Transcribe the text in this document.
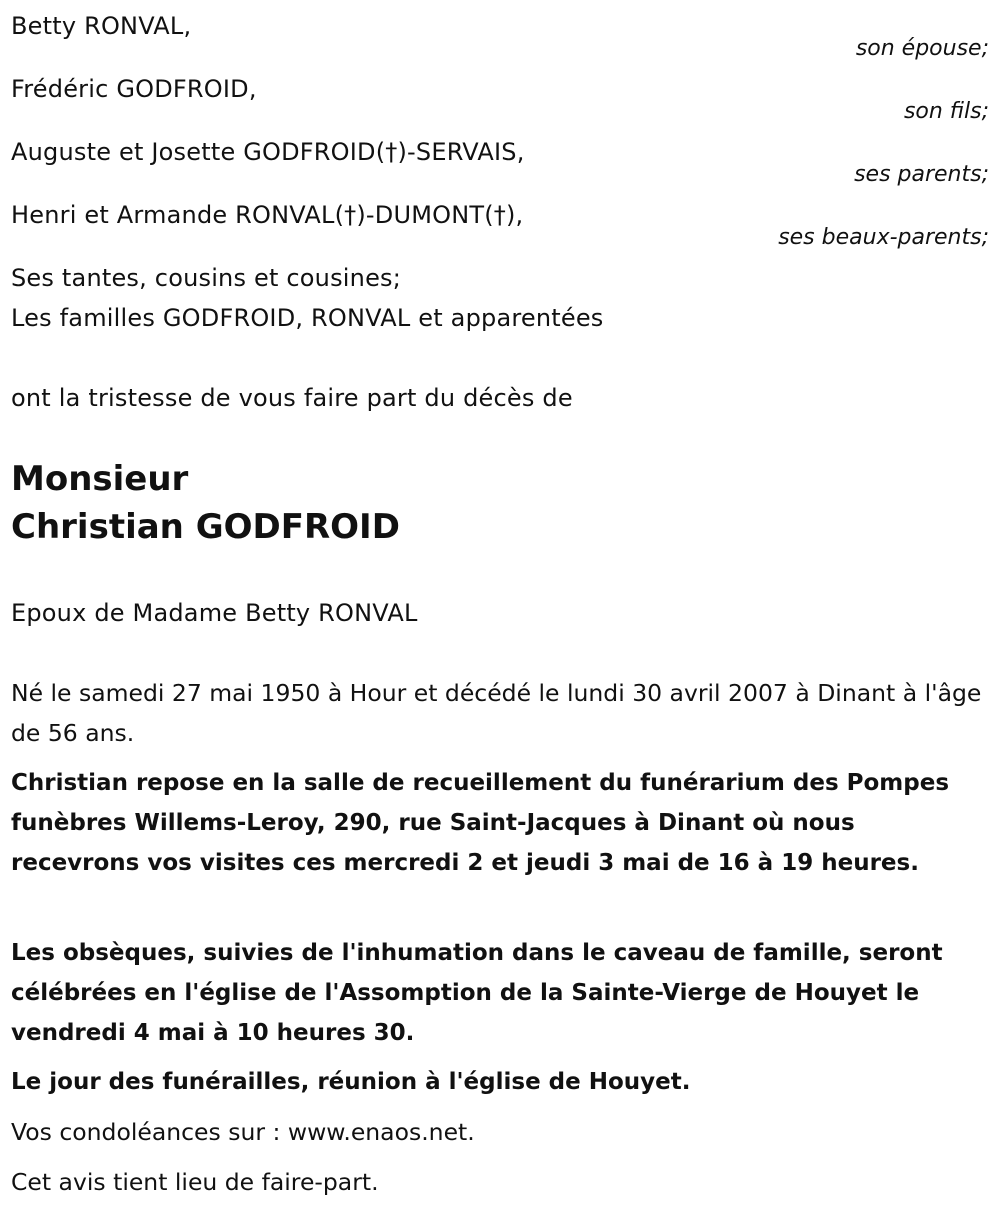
Betty RONVAL,
son épouse;
Frédéric GODFROID,
son fils;
Auguste et Josette GODFROID(†)-SERVAIS,
ses parents;
Henri et Armande RONVAL(†)-DUMONT(†),
ses beaux-parents;
Ses tantes, cousins et cousines;
Les familles GODFROID, RONVAL et apparentées
ont la tristesse de vous faire part du décès de
Monsieur
Christian GODFROID
Epoux de Madame Betty RONVAL
Né le samedi 27 mai 1950 à Hour et décédé le lundi 30 avril 2007 à Dinant à l'âge de 56 ans.
Christian repose en la salle de recueillement du funérarium des Pompes funèbres Willems-Leroy, 290, rue Saint-Jacques à Dinant où nous recevrons vos visites ces mercredi 2 et jeudi 3 mai de 16 à 19 heures.
Les obsèques, suivies de l'inhumation dans le caveau de famille, seront célébrées en l'église de l'Assomption de la Sainte-Vierge de Houyet le vendredi 4 mai à 10 heures 30.
Le jour des funérailles, réunion à l'église de Houyet.
Vos condoléances sur : www.enaos.net.
Cet avis tient lieu de faire-part.
